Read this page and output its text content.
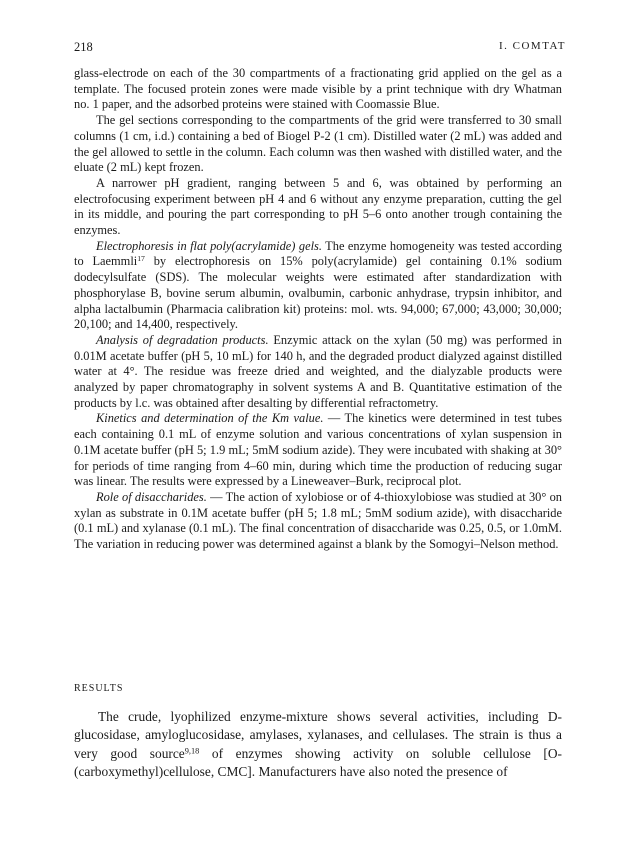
218	I. COMTAT

glass-electrode on each of the 30 compartments of a fractionating grid applied on the gel as a template. The focused protein zones were made visible by a print technique with dry Whatman no. 1 paper, and the adsorbed proteins were stained with Coomassie Blue.

The gel sections corresponding to the compartments of the grid were transferred to 30 small columns (1 cm, i.d.) containing a bed of Biogel P-2 (1 cm). Distilled water (2 mL) was added and the gel allowed to settle in the column. Each column was then washed with distilled water, and the eluate (2 mL) kept frozen.

A narrower pH gradient, ranging between 5 and 6, was obtained by performing an electrofocusing experiment between pH 4 and 6 without any enzyme preparation, cutting the gel in its middle, and pouring the part corresponding to pH 5–6 onto another trough containing the enzymes.

Electrophoresis in flat poly(acrylamide) gels. The enzyme homogeneity was tested according to Laemmli$^{17}$ by electrophoresis on 15% poly(acrylamide) gel containing 0.1% sodium dodecylsulfate (SDS). The molecular weights were estimated after standardization with phosphorylase B, bovine serum albumin, ovalbumin, carbonic anhydrase, trypsin inhibitor, and alpha lactalbumin (Pharmacia calibration kit) proteins: mol. wts. 94,000; 67,000; 43,000; 30,000; 20,100; and 14,400, respectively.

Analysis of degradation products. Enzymic attack on the xylan (50 mg) was performed in 0.01M acetate buffer (pH 5, 10 mL) for 140 h, and the degraded product dialyzed against distilled water at 4°. The residue was freeze dried and weighted, and the dialyzable products were analyzed by paper chromatography in solvent systems A and B. Quantitative estimation of the products by l.c. was obtained after desalting by differential refractometry.

Kinetics and determination of the Km value. — The kinetics were determined in test tubes each containing 0.1 mL of enzyme solution and various concentrations of xylan suspension in 0.1M acetate buffer (pH 5; 1.9 mL; 5mM sodium azide). They were incubated with shaking at 30° for periods of time ranging from 4–60 min, during which time the production of reducing sugar was linear. The results were expressed by a Lineweaver–Burk, reciprocal plot.

Role of disaccharides. — The action of xylobiose or of 4-thioxylobiose was studied at 30° on xylan as substrate in 0.1M acetate buffer (pH 5; 1.8 mL; 5mM sodium azide), with disaccharide (0.1 mL) and xylanase (0.1 mL). The final concentration of disaccharide was 0.25, 0.5, or 1.0mM. The variation in reducing power was determined against a blank by the Somogyi–Nelson method.

RESULTS

The crude, lyophilized enzyme-mixture shows several activities, including D-glucosidase, amyloglucosidase, amylases, xylanases, and cellulases. The strain is thus a very good source$^{9,18}$ of enzymes showing activity on soluble cellulose [O-(carboxymethyl)cellulose, CMC]. Manufacturers have also noted the presence of
